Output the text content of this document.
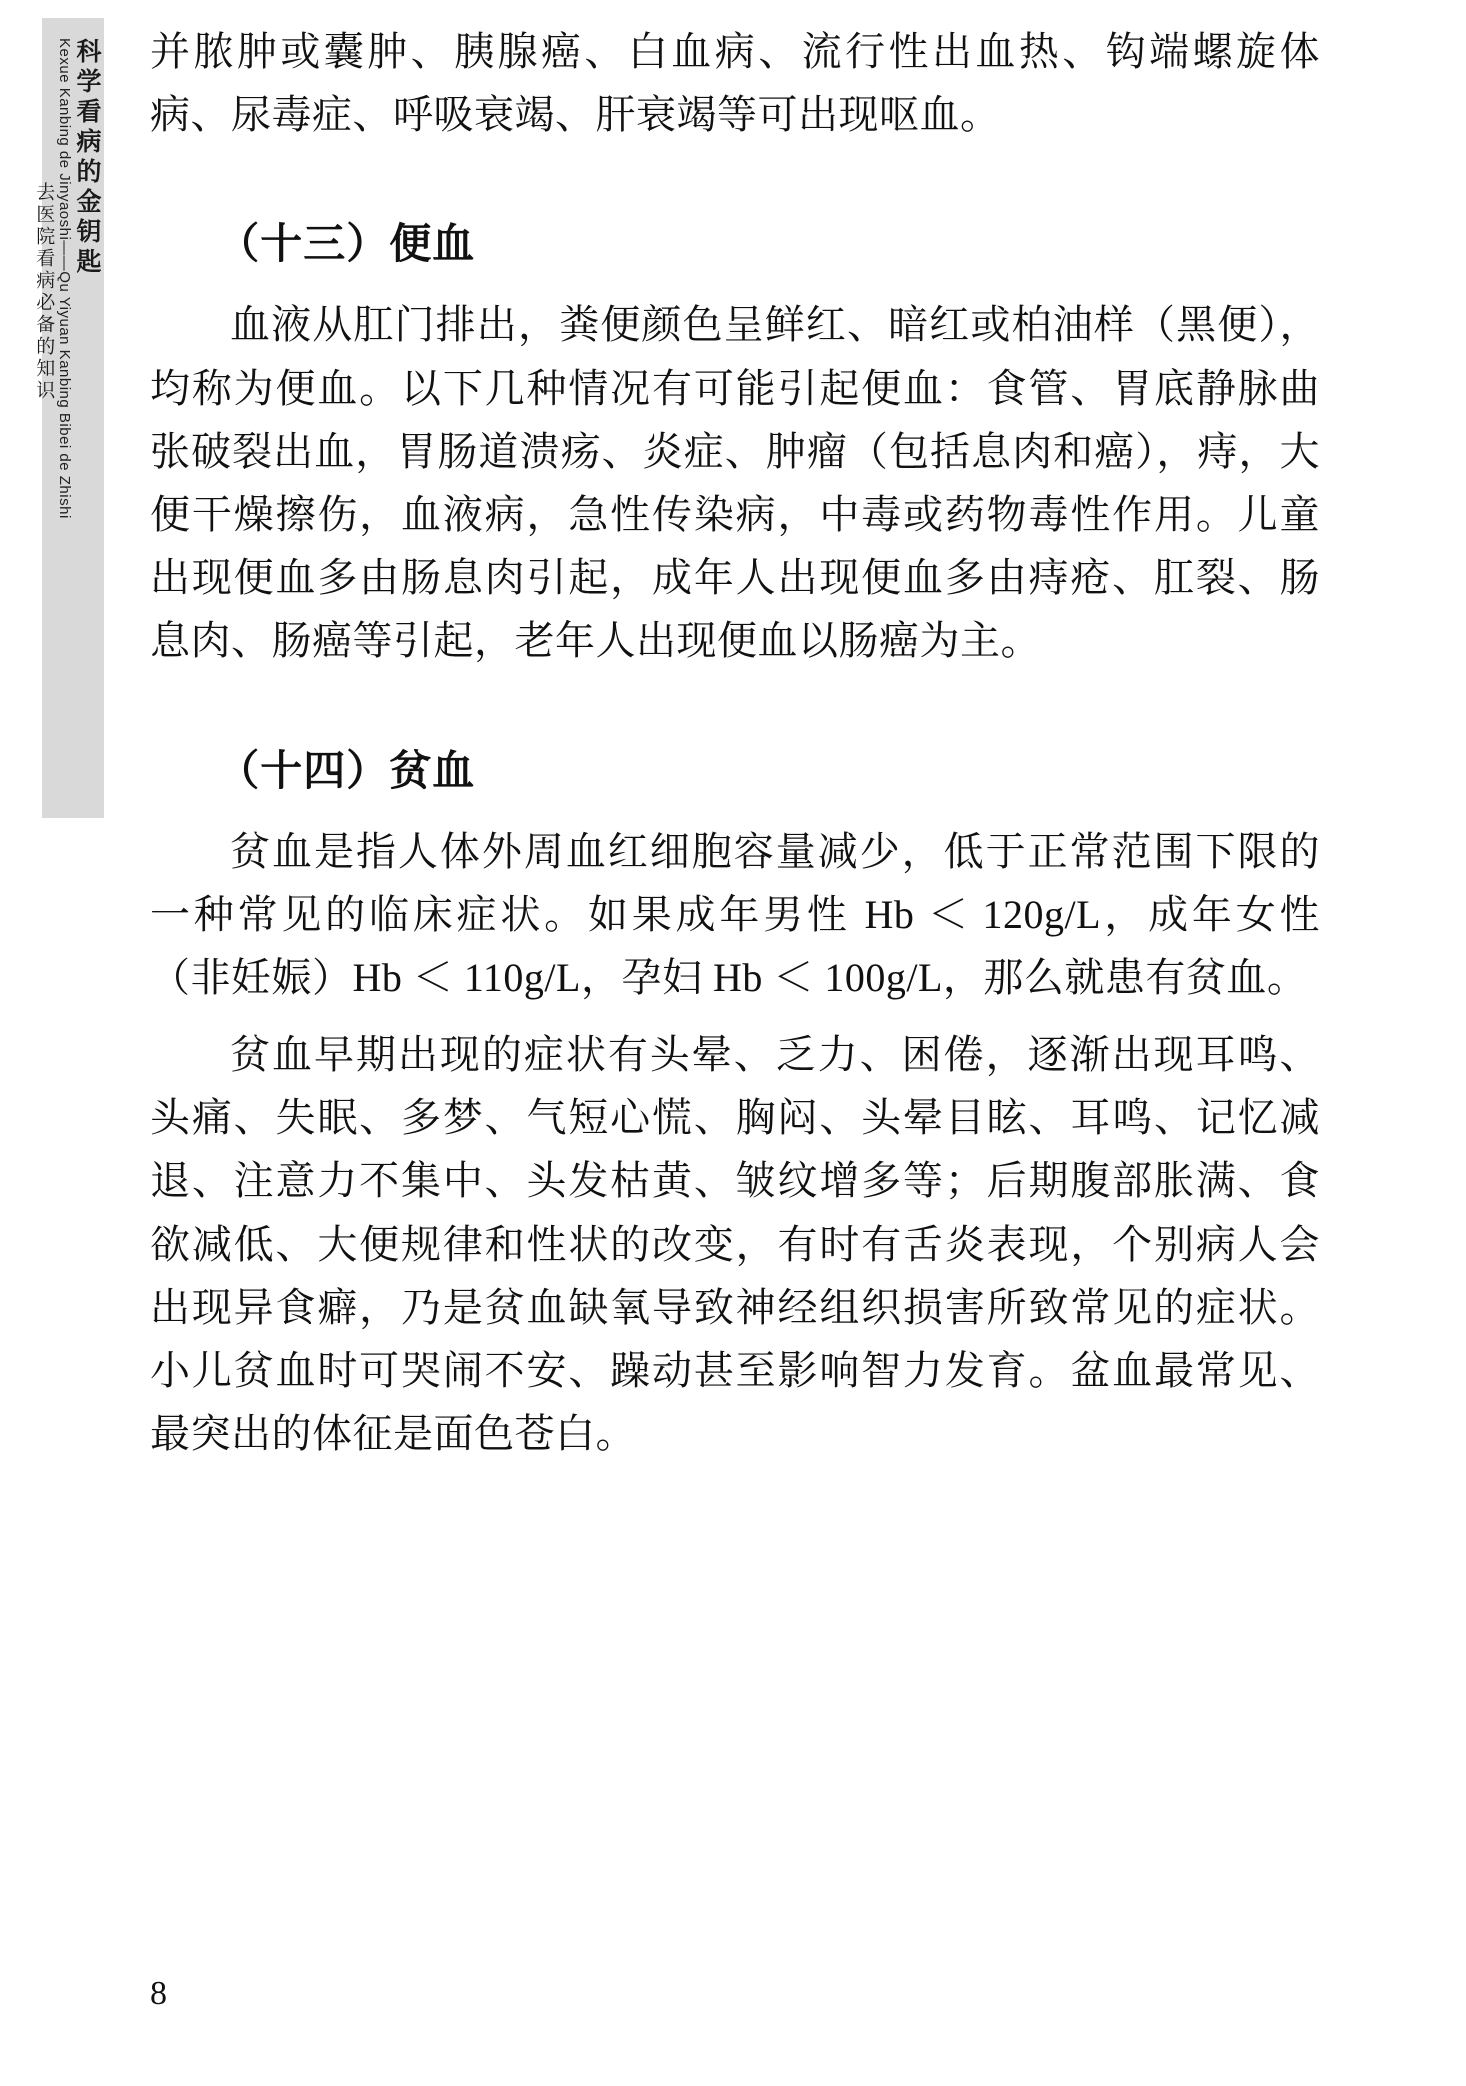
科学看病的金钥匙
Kexue Kanbing de Jinyaoshi——Qu Yiyuan Kanbing Bibei de Zhishi
去医院看病必备的知识

并脓肿或囊肿、胰腺癌、白血病、流行性出血热、钩端螺旋体病、尿毒症、呼吸衰竭、肝衰竭等可出现呕血。

（十三）便血

血液从肛门排出，粪便颜色呈鲜红、暗红或柏油样（黑便），均称为便血。以下几种情况有可能引起便血：食管、胃底静脉曲张破裂出血，胃肠道溃疡、炎症、肿瘤（包括息肉和癌），痔，大便干燥擦伤，血液病，急性传染病，中毒或药物毒性作用。儿童出现便血多由肠息肉引起，成年人出现便血多由痔疮、肛裂、肠息肉、肠癌等引起，老年人出现便血以肠癌为主。

（十四）贫血

贫血是指人体外周血红细胞容量减少，低于正常范围下限的一种常见的临床症状。如果成年男性 Hb ＜ 120g/L，成年女性（非妊娠）Hb ＜ 110g/L，孕妇 Hb ＜ 100g/L，那么就患有贫血。

贫血早期出现的症状有头晕、乏力、困倦，逐渐出现耳鸣、头痛、失眠、多梦、气短心慌、胸闷、头晕目眩、耳鸣、记忆减退、注意力不集中、头发枯黄、皱纹增多等；后期腹部胀满、食欲减低、大便规律和性状的改变，有时有舌炎表现，个别病人会出现异食癖，乃是贫血缺氧导致神经组织损害所致常见的症状。小儿贫血时可哭闹不安、躁动甚至影响智力发育。盆血最常见、最突出的体征是面色苍白。

8
